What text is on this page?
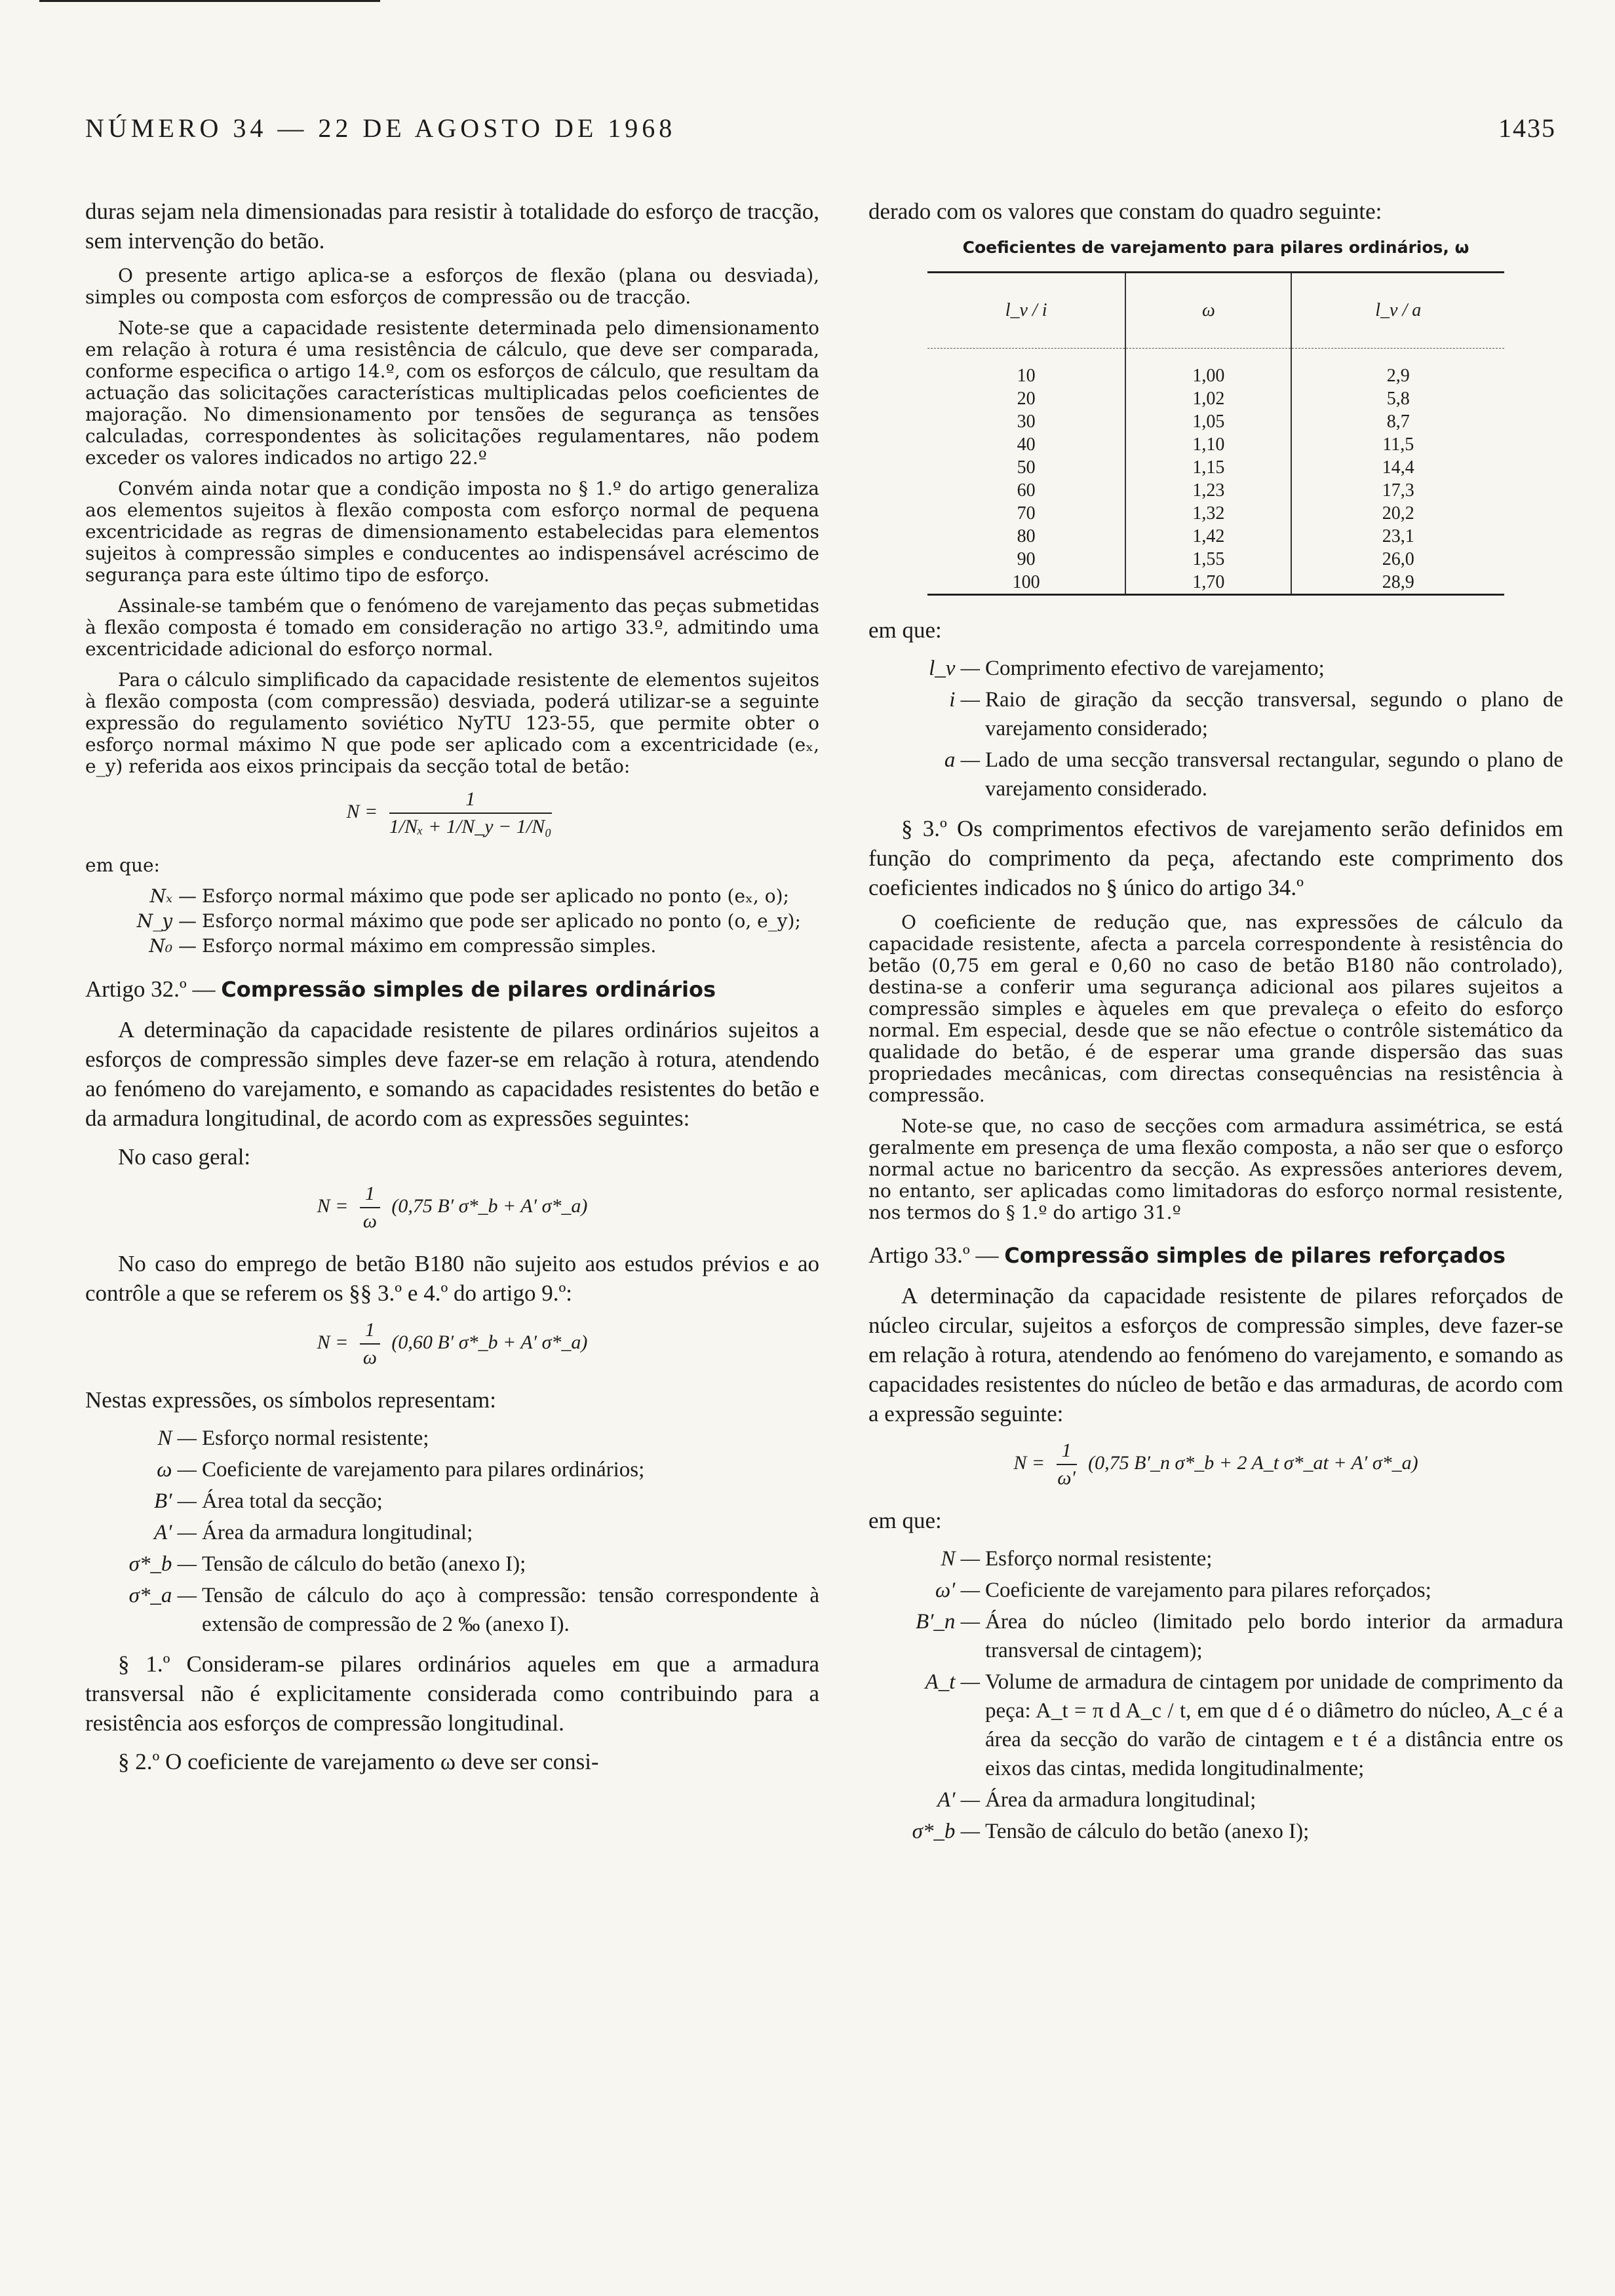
NÚMERO 34 — 22 DE AGOSTO DE 1968	1435

duras sejam nela dimensionadas para resistir à totalidade do esforço de tracção, sem intervenção do betão.

O presente artigo aplica-se a esforços de flexão (plana ou desviada), simples ou composta com esforços de compressão ou de tracção.

Note-se que a capacidade resistente determinada pelo dimensionamento em relação à rotura é uma resistência de cálculo, que deve ser comparada, conforme especifica o artigo 14.º, com os esforços de cálculo, que resultam da actuação das solicitações características multiplicadas pelos coeficientes de majoração. No dimensionamento por tensões de segurança as tensões calculadas, correspondentes às solicitações regulamentares, não podem exceder os valores indicados no artigo 22.º

Convém ainda notar que a condição imposta no § 1.º do artigo generaliza aos elementos sujeitos à flexão composta com esforço normal de pequena excentricidade as regras de dimensionamento estabelecidas para elementos sujeitos à compressão simples e conducentes ao indispensável acréscimo de segurança para este último tipo de esforço.

Assinale-se também que o fenómeno de varejamento das peças submetidas à flexão composta é tomado em consideração no artigo 33.º, admitindo uma excentricidade adicional do esforço normal.

Para o cálculo simplificado da capacidade resistente de elementos sujeitos à flexão composta (com compressão) desviada, poderá utilizar-se a seguinte expressão do regulamento soviético NyTU 123-55, que permite obter o esforço normal máximo N que pode ser aplicado com a excentricidade (eₓ, e_y) referida aos eixos principais da secção total de betão:

$N = \frac{1}{\text{1/Nₓ + 1/N\_y − 1/N₀}}$

em que:

Nₓ — Esforço normal máximo que pode ser aplicado no ponto (eₓ, o);
N_y — Esforço normal máximo que pode ser aplicado no ponto (o, e_y);
N₀ — Esforço normal máximo em compressão simples.
Artigo 32.º — Compressão simples de pilares ordinários

A determinação da capacidade resistente de pilares ordinários sujeitos a esforços de compressão simples deve fazer-se em relação à rotura, atendendo ao fenómeno do varejamento, e somando as capacidades resistentes do betão e da armadura longitudinal, de acordo com as expressões seguintes:

No caso geral:

$N = \frac{1}{\omega} (0,75$ B′ σ*_b + A′ σ*_a)

No caso do emprego de betão B180 não sujeito aos estudos prévios e ao contrôle a que se referem os §§ 3.º e 4.º do artigo 9.º:

$N = \frac{1}{\omega} (0,60$ B′ σ*_b + A′ σ*_a)

Nestas expressões, os símbolos representam:

N — Esforço normal resistente;
ω — Coeficiente de varejamento para pilares ordinários;
B′ — Área total da secção;
A′ — Área da armadura longitudinal;
σ*_b — Tensão de cálculo do betão (anexo I);
σ*_a — Tensão de cálculo do aço à compressão: tensão correspondente à extensão de compressão de 2 ‰ (anexo I).

§ 1.º Consideram-se pilares ordinários aqueles em que a armadura transversal não é explicitamente considerada como contribuindo para a resistência aos esforços de compressão longitudinal.

§ 2.º O coeficiente de varejamento ω deve ser consi-

derado com os valores que constam do quadro seguinte:

Coeficientes de varejamento para pilares ordinários, ω
l_v / i	ω	l_v / a
10	1,00	2,9
20	1,02	5,8
30	1,05	8,7
40	1,10	11,5
50	1,15	14,4
60	1,23	17,3
70	1,32	20,2
80	1,42	23,1
90	1,55	26,0
100	1,70	28,9

em que:

l_v — Comprimento efectivo de varejamento;
i — Raio de giração da secção transversal, segundo o plano de varejamento considerado;
a — Lado de uma secção transversal rectangular, segundo o plano de varejamento considerado.

§ 3.º Os comprimentos efectivos de varejamento serão definidos em função do comprimento da peça, afectando este comprimento dos coeficientes indicados no § único do artigo 34.º

O coeficiente de redução que, nas expressões de cálculo da capacidade resistente, afecta a parcela correspondente à resistência do betão (0,75 em geral e 0,60 no caso de betão B180 não controlado), destina-se a conferir uma segurança adicional aos pilares sujeitos a compressão simples e àqueles em que prevaleça o efeito do esforço normal. Em especial, desde que se não efectue o contrôle sistemático da qualidade do betão, é de esperar uma grande dispersão das suas propriedades mecânicas, com directas consequências na resistência à compressão.

Note-se que, no caso de secções com armadura assimétrica, se está geralmente em presença de uma flexão composta, a não ser que o esforço normal actue no baricentro da secção. As expressões anteriores devem, no entanto, ser aplicadas como limitadoras do esforço normal resistente, nos termos do § 1.º do artigo 31.º

Artigo 33.º — Compressão simples de pilares reforçados

A determinação da capacidade resistente de pilares reforçados de núcleo circular, sujeitos a esforços de compressão simples, deve fazer-se em relação à rotura, atendendo ao fenómeno do varejamento, e somando as capacidades resistentes do núcleo de betão e das armaduras, de acordo com a expressão seguinte:

$N = \frac{1}{\omega'} (0,75$ B′_n σ*_b + 2 A_t σ*_at + A′ σ*_a)

em que:

N — Esforço normal resistente;
ω′ — Coeficiente de varejamento para pilares reforçados;
B′_n — Área do núcleo (limitado pelo bordo interior da armadura transversal de cintagem);
A_t — Volume de armadura de cintagem por unidade de comprimento da peça: A_t = π d A_c / t, em que d é o diâmetro do núcleo, A_c é a área da secção do varão de cintagem e t é a distância entre os eixos das cintas, medida longitudinalmente;
A′ — Área da armadura longitudinal;
σ*_b — Tensão de cálculo do betão (anexo I);
